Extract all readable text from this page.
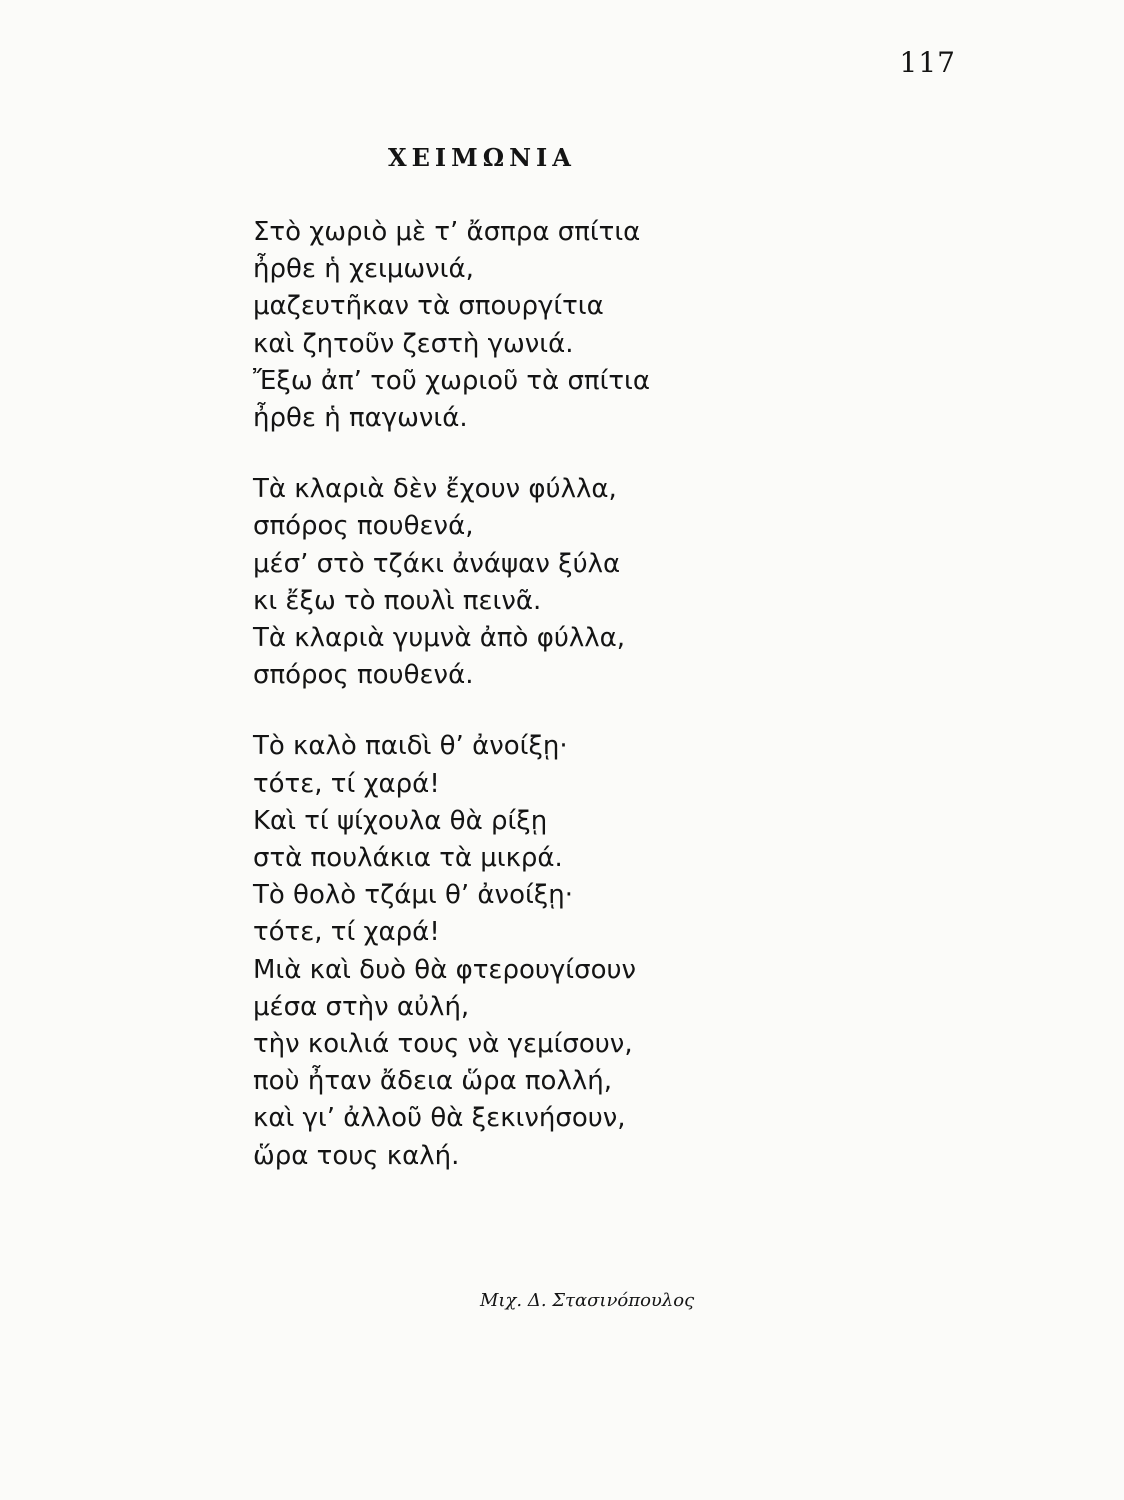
117
ΧΕΙΜΩΝΙΑ
Στὸ χωριὸ μὲ τ’ ἄσπρα σπίτια
ἦρθε ἡ χειμωνιά,
μαζευτῆκαν τὰ σπουργίτια
καὶ ζητοῦν ζεστὴ γωνιά.
Ἔξω ἀπ’ τοῦ χωριοῦ τὰ σπίτια
ἦρθε ἡ παγωνιά.
Τὰ κλαριὰ δὲν ἔχουν φύλλα,
σπόρος πουθενά,
μέσ’ στὸ τζάκι ἀνάψαν ξύλα
κι ἔξω τὸ πουλὶ πεινᾶ.
Τὰ κλαριὰ γυμνὰ ἀπὸ φύλλα,
σπόρος πουθενά.
Τὸ καλὸ παιδὶ θ’ ἀνοίξῃ·
τότε, τί χαρά!
Καὶ τί ψίχουλα θὰ ρίξῃ
στὰ πουλάκια τὰ μικρά.
Τὸ θολὸ τζάμι θ’ ἀνοίξῃ·
τότε, τί χαρά!
Μιὰ καὶ δυὸ θὰ φτερουγίσουν
μέσα στὴν αὐλή,
τὴν κοιλιά τους νὰ γεμίσουν,
ποὺ ἦταν ἄδεια ὥρα πολλή,
καὶ γι’ ἀλλοῦ θὰ ξεκινήσουν,
ὥρα τους καλή.
Μιχ. Δ. Στασινόπουλος
